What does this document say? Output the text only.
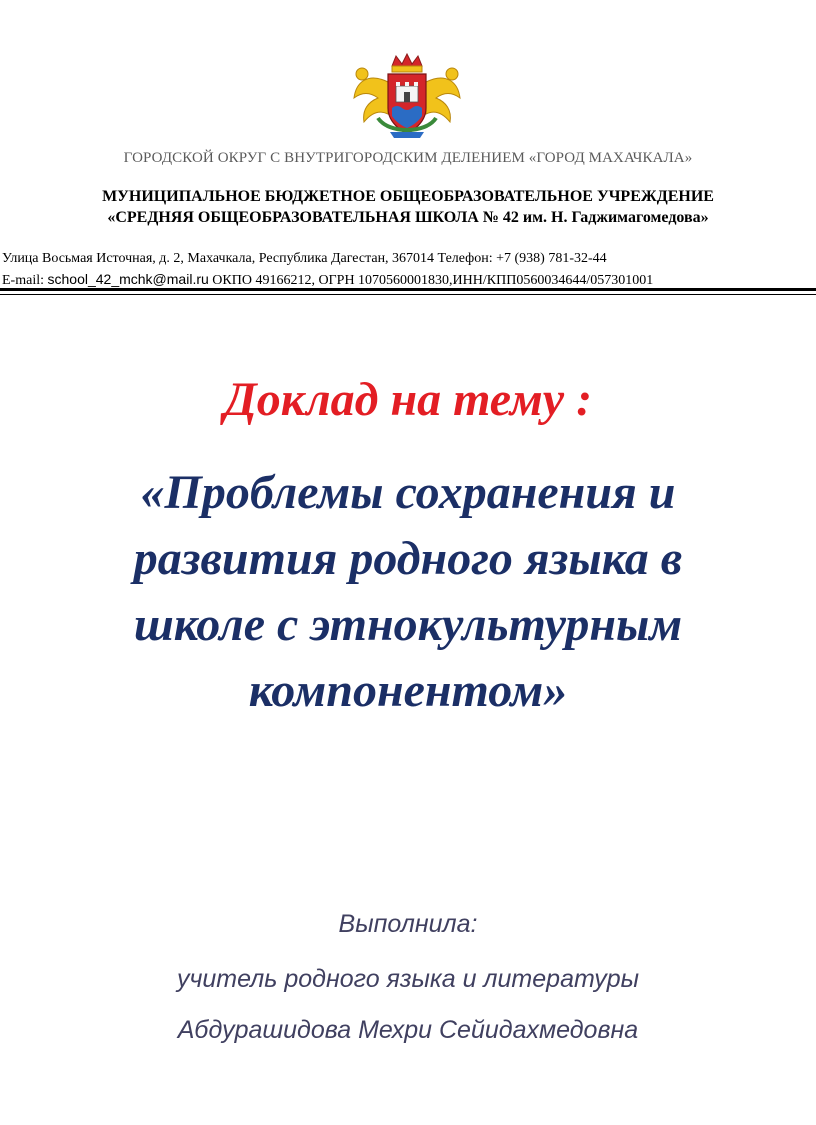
ГОРОДСКОЙ ОКРУГ С ВНУТРИГОРОДСКИМ ДЕЛЕНИЕМ «ГОРОД МАХАЧКАЛА»
МУНИЦИПАЛЬНОЕ БЮДЖЕТНОЕ ОБЩЕОБРАЗОВАТЕЛЬНОЕ УЧРЕЖДЕНИЕ
«СРЕДНЯЯ ОБЩЕОБРАЗОВАТЕЛЬНАЯ ШКОЛА № 42 им. Н. Гаджимагомедова»
Улица Восьмая Источная, д. 2, Махачкала, Республика Дагестан, 367014 Телефон: +7 (938) 781-32-44
E-mail: school_42_mchk@mail.ru ОКПО 49166212, ОГРН 1070560001830,ИНН/КПП0560034644/057301001
Доклад на тему :
«Проблемы сохранения и
развития родного языка в
школе с этнокультурным
компонентом»
Выполнила:
учитель родного языка и литературы
Абдурашидова Мехри Сейидахмедовна
